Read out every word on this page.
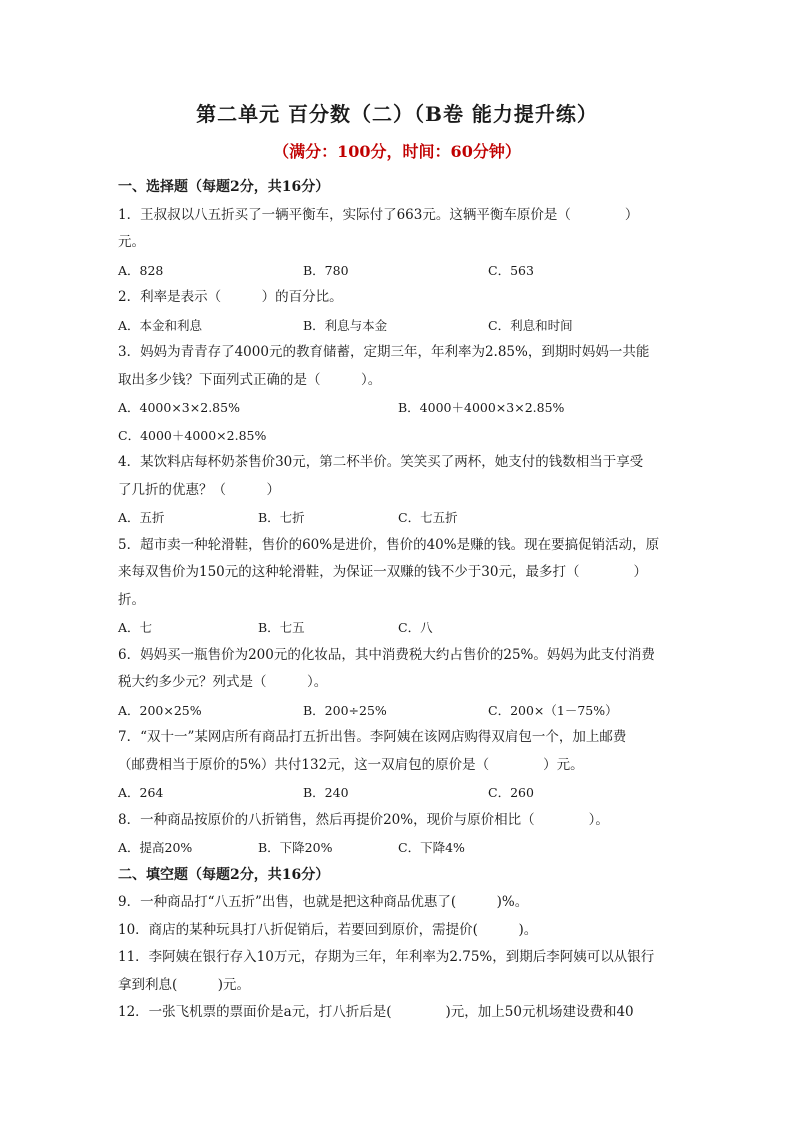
第二单元 百分数（二）（B卷 能力提升练）
（满分：100分，时间：60分钟）
一、选择题（每题2分，共16分）

1．王叔叔以八五折买了一辆平衡车，实际付了663元。这辆平衡车原价是（　　　　）

元。

A．828	B．780	C．563

2．利率是表示（　　　）的百分比。

A．本金和利息	B．利息与本金	C．利息和时间

3．妈妈为青青存了4000元的教育储蓄，定期三年，年利率为2.85%，到期时妈妈一共能

取出多少钱？下面列式正确的是（　　　）。

A．4000×3×2.85%	B．4000＋4000×3×2.85%
C．4000＋4000×2.85%

4．某饮料店每杯奶茶售价30元，第二杯半价。笑笑买了两杯，她支付的钱数相当于享受

了几折的优惠？（　　　）

A．五折	B．七折	C．七五折

5．超市卖一种轮滑鞋，售价的60%是进价，售价的40%是赚的钱。现在要搞促销活动，原

来每双售价为150元的这种轮滑鞋，为保证一双赚的钱不少于30元，最多打（　　　　）

折。

A．七	B．七五	C．八

6．妈妈买一瓶售价为200元的化妆品，其中消费税大约占售价的25%。妈妈为此支付消费

税大约多少元？列式是（　　　）。

A．200×25%	B．200÷25%	C．200×（1－75%）

7．“双十一”某网店所有商品打五折出售。李阿姨在该网店购得双肩包一个，加上邮费

（邮费相当于原价的5%）共付132元，这一双肩包的原价是（　　　　）元。

A．264	B．240	C．260

8．一种商品按原价的八折销售，然后再提价20%，现价与原价相比（　　　　）。

A．提高20%	B．下降20%	C．下降4%
二、填空题（每题2分，共16分）

9．一种商品打“八五折”出售，也就是把这种商品优惠了(　　　)%。

10．商店的某种玩具打八折促销后，若要回到原价，需提价(　　　)。

11．李阿姨在银行存入10万元，存期为三年，年利率为2.75%，到期后李阿姨可以从银行

拿到利息(　　　)元。

12．一张飞机票的票面价是a元，打八折后是(　　　　)元，加上50元机场建设费和40
